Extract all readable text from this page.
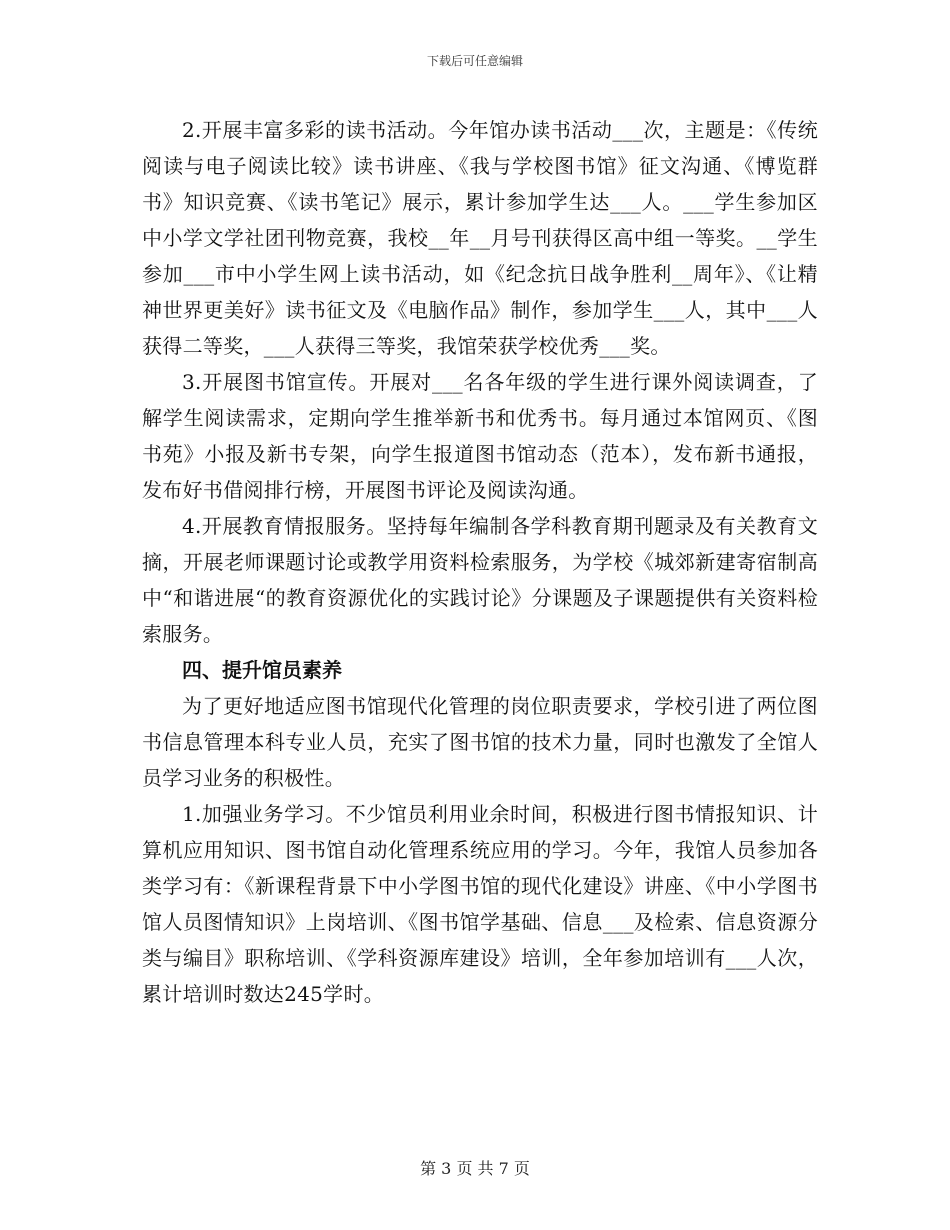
下载后可任意编辑

2.开展丰富多彩的读书活动。今年馆办读书活动___次，主题是：《传统阅读与电子阅读比较》读书讲座、《我与学校图书馆》征文沟通、《博览群书》知识竞赛、《读书笔记》展示，累计参加学生达___人。___学生参加区中小学文学社团刊物竞赛，我校__年__月号刊获得区高中组一等奖。__学生参加___市中小学生网上读书活动，如《纪念抗日战争胜利__周年》、《让精神世界更美好》读书征文及《电脑作品》制作，参加学生___人，其中___人获得二等奖，___人获得三等奖，我馆荣获学校优秀___奖。

3.开展图书馆宣传。开展对___名各年级的学生进行课外阅读调查，了解学生阅读需求，定期向学生推举新书和优秀书。每月通过本馆网页、《图书苑》小报及新书专架，向学生报道图书馆动态（范本），发布新书通报，发布好书借阅排行榜，开展图书评论及阅读沟通。

4.开展教育情报服务。坚持每年编制各学科教育期刊题录及有关教育文摘，开展老师课题讨论或教学用资料检索服务，为学校《城郊新建寄宿制高中“和谐进展“的教育资源优化的实践讨论》分课题及子课题提供有关资料检索服务。

四、提升馆员素养

为了更好地适应图书馆现代化管理的岗位职责要求，学校引进了两位图书信息管理本科专业人员，充实了图书馆的技术力量，同时也激发了全馆人员学习业务的积极性。

1.加强业务学习。不少馆员利用业余时间，积极进行图书情报知识、计算机应用知识、图书馆自动化管理系统应用的学习。今年，我馆人员参加各类学习有：《新课程背景下中小学图书馆的现代化建设》讲座、《中小学图书馆人员图情知识》上岗培训、《图书馆学基础、信息___及检索、信息资源分类与编目》职称培训、《学科资源库建设》培训，全年参加培训有___人次，累计培训时数达245学时。

第 3 页 共 7 页
